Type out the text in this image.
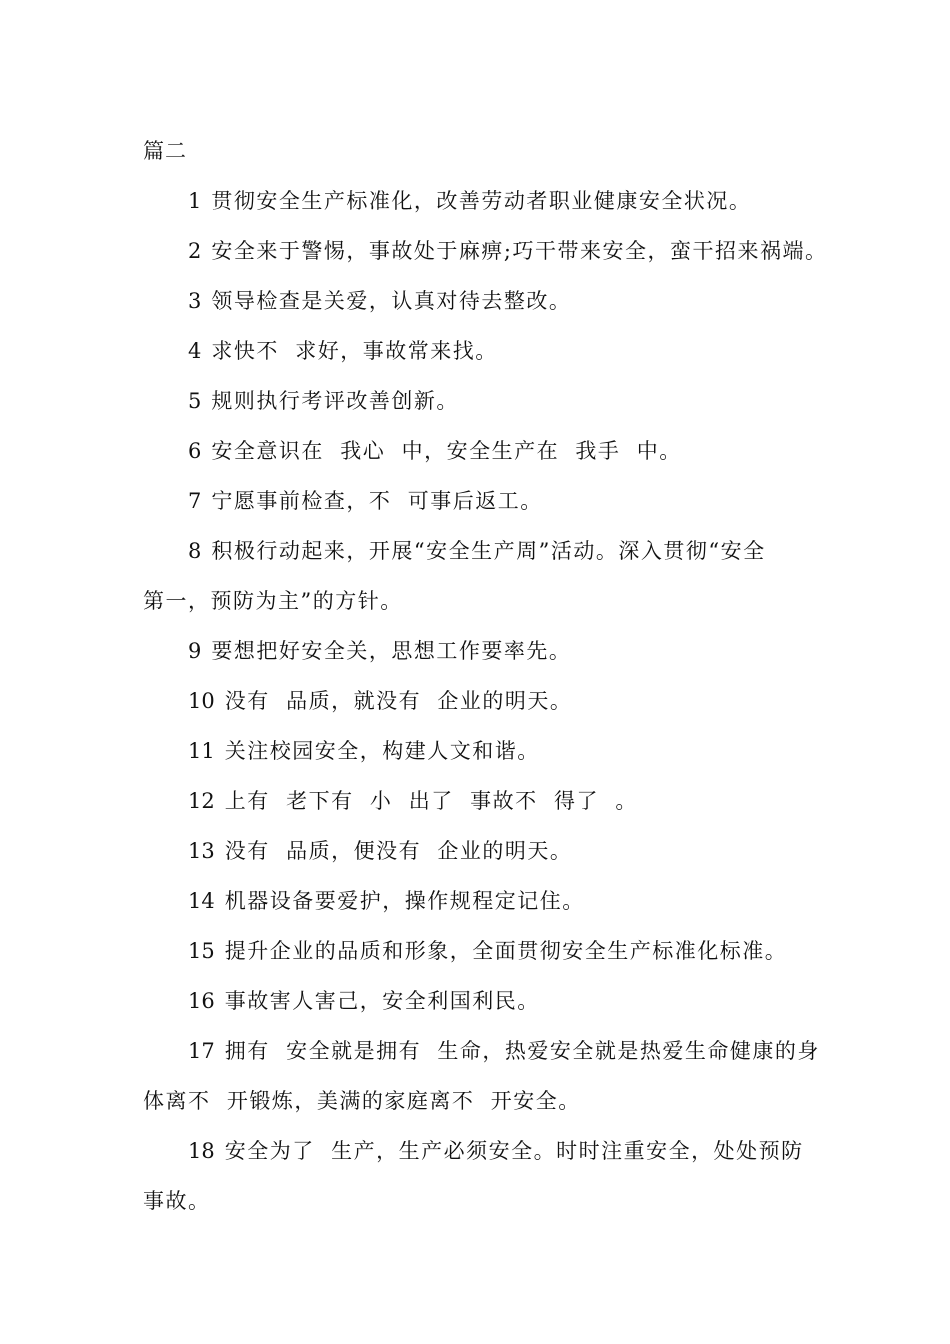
篇二
1 贯彻安全生产标准化，改善劳动者职业健康安全状况。
2 安全来于警惕，事故处于麻痹;巧干带来安全，蛮干招来祸端。
3 领导检查是关爱，认真对待去整改。
4 求快不  求好，事故常来找。
5 规则执行考评改善创新。
6 安全意识在  我心  中，安全生产在  我手  中。
7 宁愿事前检查，不  可事后返工。
8 积极行动起来，开展“安全生产周”活动。深入贯彻“安全
第一，预防为主”的方针。
9 要想把好安全关，思想工作要率先。
10 没有  品质，就没有  企业的明天。
11 关注校园安全，构建人文和谐。
12 上有  老下有  小  出了  事故不  得了  。
13 没有  品质，便没有  企业的明天。
14 机器设备要爱护，操作规程定记住。
15 提升企业的品质和形象，全面贯彻安全生产标准化标准。
16 事故害人害己，安全利国利民。
17 拥有  安全就是拥有  生命，热爱安全就是热爱生命健康的身
体离不  开锻炼，美满的家庭离不  开安全。
18 安全为了  生产，生产必须安全。时时注重安全，处处预防
事故。
